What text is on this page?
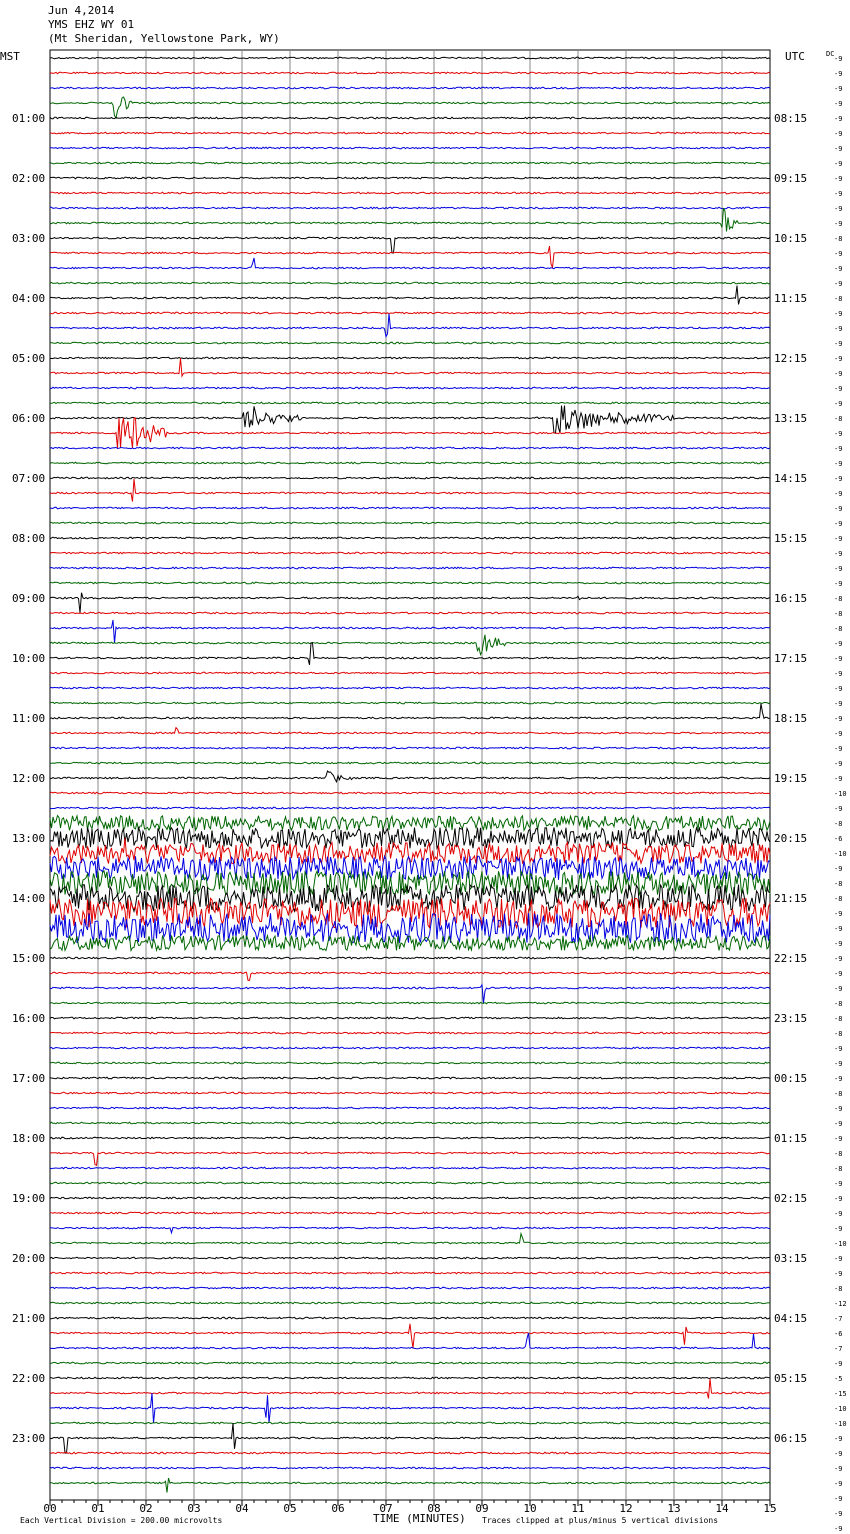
Jun 4,2014
YMS EHZ WY 01
(Mt Sheridan, Yellowstone Park, WY)
MST	UTC	DC
01:00
02:00
03:00
04:00
05:00
06:00
07:00
08:00
09:00
10:00
11:00
12:00
13:00
14:00
15:00
16:00
17:00
18:00
19:00
20:00
21:00
22:00
23:00
08:15
09:15
10:15
11:15
12:15
13:15
14:15
15:15
16:15
17:15
18:15
19:15
20:15
21:15
22:15
23:15
00:15
01:15
02:15
03:15
04:15
05:15
06:15
-9
-9
-9
-9
-9
-9
-9
-9
-9
-9
-9
-9
-8
-9
-9
-9
-8
-9
-9
-9
-9
-9
-9
-9
-8
-9
-9
-9
-9
-9
-9
-9
-9
-9
-9
-9
-8
-8
-8
-9
-9
-9
-9
-9
-9
-9
-9
-9
-9
-10
-9
-8
-6
-10
-9
-8
-8
-9
-9
-9
-9
-9
-9
-8
-8
-8
-9
-9
-9
-8
-9
-9
-9
-8
-8
-9
-9
-9
-9
-10
-9
-9
-8
-12
-7
-6
-7
-9
-5
-15
-10
-10
-9
-9
-9
-9
-9
-9
-9
00	01	02	03	04	05	06	07	08	09	10	11	12	13	14	15
TIME (MINUTES)
Each Vertical Division = 200.00 microvolts	Traces clipped at plus/minus 5 vertical divisions
